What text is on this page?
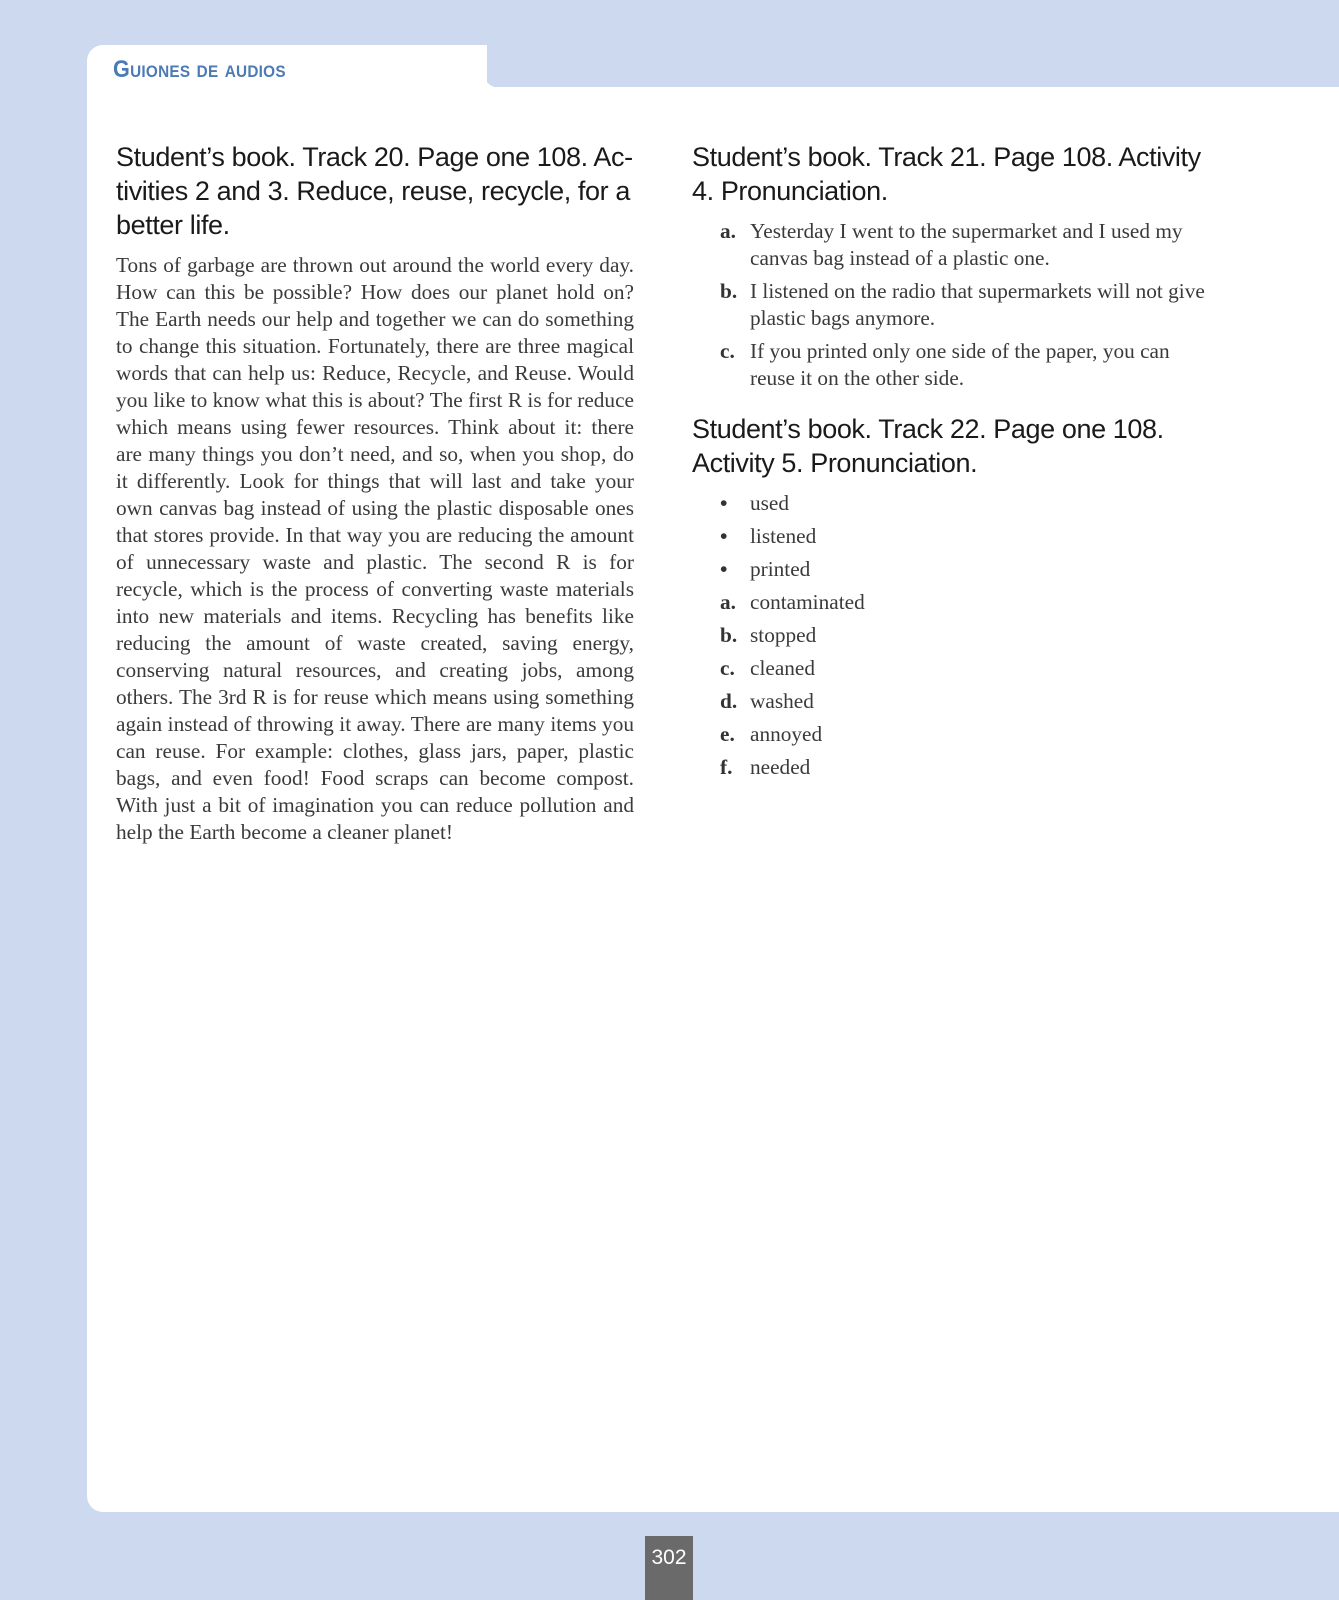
Guiones de audios
Student’s book. Track 20. Page one 108. Activities 2 and 3. Reduce, reuse, recycle, for a better life.

Tons of garbage are thrown out around the world every day. How can this be possible? How does our planet hold on? The Earth needs our help and together we can do something to change this situation. Fortunately, there are three magical words that can help us: Reduce, Recycle, and Reuse. Would you like to know what this is about? The first R is for reduce which means using fewer resources. Think about it: there are many things you don’t need, and so, when you shop, do it differently. Look for things that will last and take your own canvas bag instead of using the plastic disposable ones that stores provide. In that way you are reducing the amount of unnecessary waste and plastic. The second R is for recycle, which is the process of converting waste materials into new materials and items. Recycling has benefits like reducing the amount of waste created, saving energy, conserving natural resources, and creating jobs, among others. The 3rd R is for reuse which means using something again instead of throwing it away. There are many items you can reuse. For example: clothes, glass jars, paper, plastic bags, and even food! Food scraps can become compost. With just a bit of imagination you can reduce pollution and help the Earth become a cleaner planet!

Student’s book. Track 21. Page 108. Activity 4. Pronunciation.
a. Yesterday I went to the supermarket and I used my canvas bag instead of a plastic one.
b. I listened on the radio that supermarkets will not give plastic bags anymore.
c. If you printed only one side of the paper, you can reuse it on the other side.
Student’s book. Track 22. Page one 108. Activity 5. Pronunciation.
• used
• listened
• printed
a. contaminated
b. stopped
c. cleaned
d. washed
e. annoyed
f. needed
302
